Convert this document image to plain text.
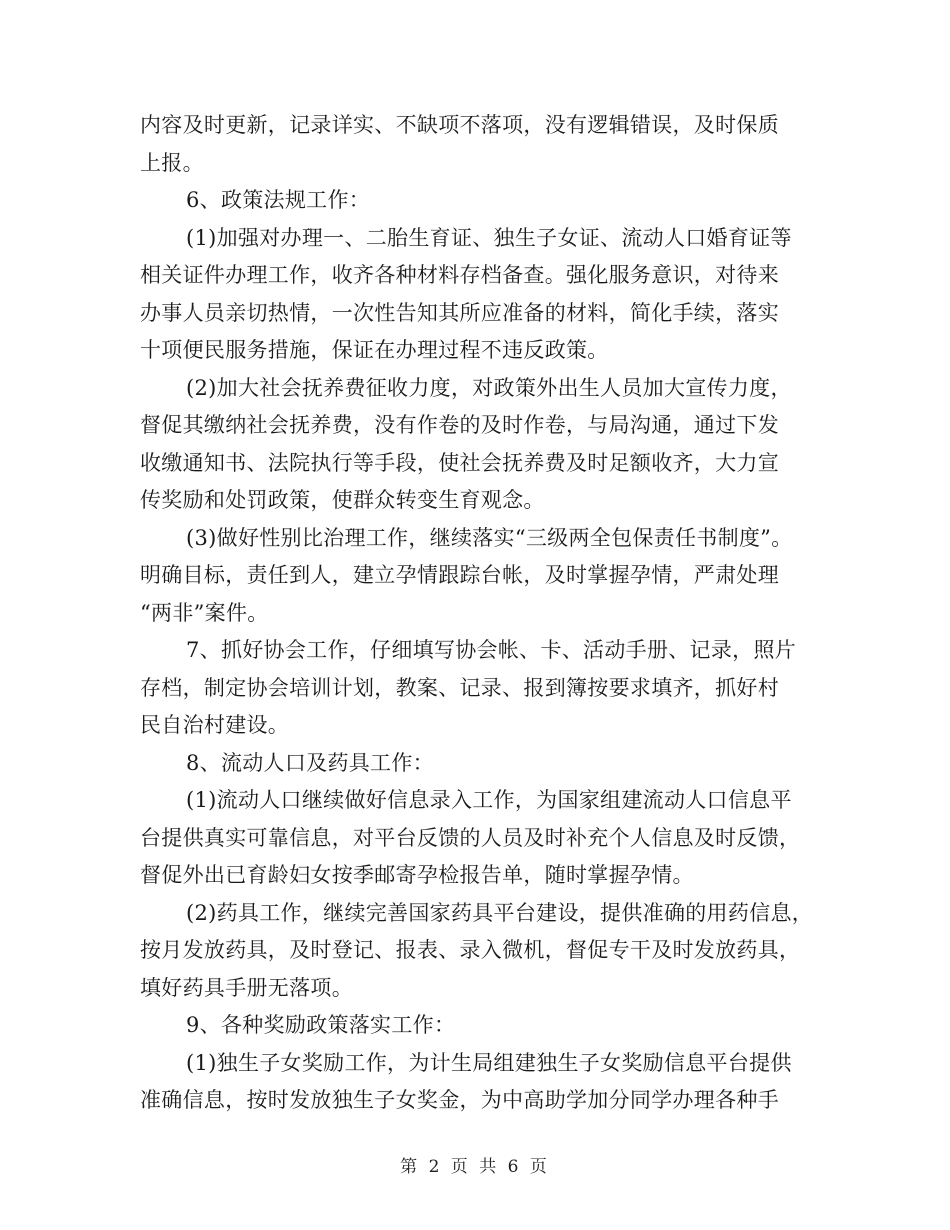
内容及时更新，记录详实、不缺项不落项，没有逻辑错误，及时保质
上报。
6、政策法规工作：
(1)加强对办理一、二胎生育证、独生子女证、流动人口婚育证等
相关证件办理工作，收齐各种材料存档备查。强化服务意识，对待来
办事人员亲切热情，一次性告知其所应准备的材料，简化手续，落实
十项便民服务措施，保证在办理过程不违反政策。
(2)加大社会抚养费征收力度，对政策外出生人员加大宣传力度，
督促其缴纳社会抚养费，没有作卷的及时作卷，与局沟通，通过下发
收缴通知书、法院执行等手段，使社会抚养费及时足额收齐，大力宣
传奖励和处罚政策，使群众转变生育观念。
(3)做好性别比治理工作，继续落实“三级两全包保责任书制度”。
明确目标，责任到人，建立孕情跟踪台帐，及时掌握孕情，严肃处理
“两非”案件。
7、抓好协会工作，仔细填写协会帐、卡、活动手册、记录，照片
存档，制定协会培训计划，教案、记录、报到簿按要求填齐，抓好村
民自治村建设。
8、流动人口及药具工作：
(1)流动人口继续做好信息录入工作，为国家组建流动人口信息平
台提供真实可靠信息，对平台反馈的人员及时补充个人信息及时反馈，
督促外出已育龄妇女按季邮寄孕检报告单，随时掌握孕情。
(2)药具工作，继续完善国家药具平台建设，提供准确的用药信息，
按月发放药具，及时登记、报表、录入微机，督促专干及时发放药具，
填好药具手册无落项。
9、各种奖励政策落实工作：
(1)独生子女奖励工作，为计生局组建独生子女奖励信息平台提供
准确信息，按时发放独生子女奖金，为中高助学加分同学办理各种手
第 2 页 共 6 页
